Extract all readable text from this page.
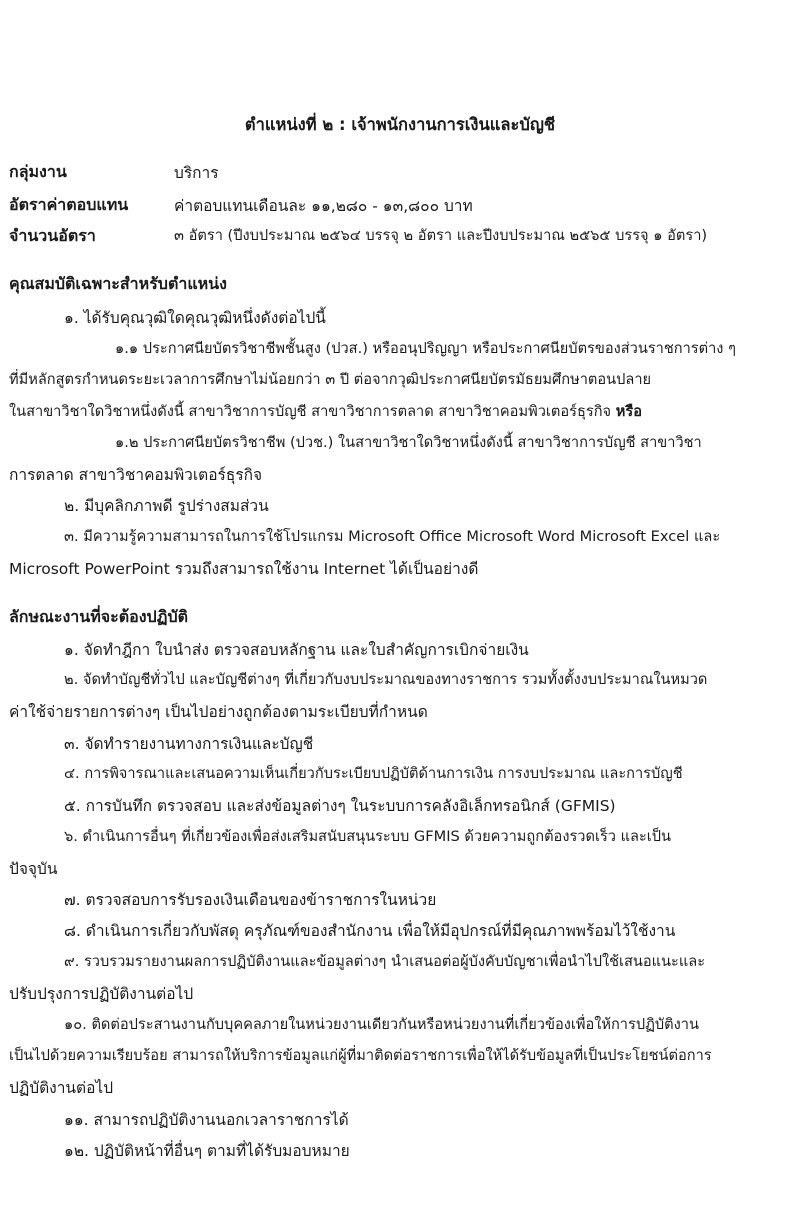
ตำแหน่งที่ ๒ : เจ้าพนักงานการเงินและบัญชี
กลุ่มงาน	บริการ
อัตราค่าตอบแทน	ค่าตอบแทนเดือนละ ๑๑,๒๘๐ - ๑๓,๘๐๐ บาท
จำนวนอัตรา	๓ อัตรา (ปีงบประมาณ ๒๕๖๔ บรรจุ ๒ อัตรา และปีงบประมาณ ๒๕๖๕ บรรจุ ๑ อัตรา)
คุณสมบัติเฉพาะสำหรับตำแหน่ง
๑. ได้รับคุณวุฒิใดคุณวุฒิหนึ่งดังต่อไปนี้
๑.๑ ประกาศนียบัตรวิชาชีพชั้นสูง (ปวส.) หรืออนุปริญญา หรือประกาศนียบัตรของส่วนราชการต่าง ๆ
ที่มีหลักสูตรกำหนดระยะเวลาการศึกษาไม่น้อยกว่า ๓ ปี ต่อจากวุฒิประกาศนียบัตรมัธยมศึกษาตอนปลาย
ในสาขาวิชาใดวิชาหนึ่งดังนี้ สาขาวิชาการบัญชี สาขาวิชาการตลาด สาขาวิชาคอมพิวเตอร์ธุรกิจ หรือ
๑.๒ ประกาศนียบัตรวิชาชีพ (ปวช.) ในสาขาวิชาใดวิชาหนึ่งดังนี้ สาขาวิชาการบัญชี สาขาวิชา
การตลาด สาขาวิชาคอมพิวเตอร์ธุรกิจ
๒. มีบุคลิกภาพดี รูปร่างสมส่วน
๓. มีความรู้ความสามารถในการใช้โปรแกรม Microsoft Office Microsoft Word Microsoft Excel และ
Microsoft PowerPoint รวมถึงสามารถใช้งาน Internet ได้เป็นอย่างดี
ลักษณะงานที่จะต้องปฏิบัติ
๑. จัดทำฎีกา ใบนำส่ง ตรวจสอบหลักฐาน และใบสำคัญการเบิกจ่ายเงิน
๒. จัดทำบัญชีทั่วไป และบัญชีต่างๆ ที่เกี่ยวกับงบประมาณของทางราชการ รวมทั้งตั้งงบประมาณในหมวด
ค่าใช้จ่ายรายการต่างๆ เป็นไปอย่างถูกต้องตามระเบียบที่กำหนด
๓. จัดทำรายงานทางการเงินและบัญชี
๔. การพิจารณาและเสนอความเห็นเกี่ยวกับระเบียบปฏิบัติด้านการเงิน การงบประมาณ และการบัญชี
๕. การบันทึก ตรวจสอบ และส่งข้อมูลต่างๆ ในระบบการคลังอิเล็กทรอนิกส์ (GFMIS)
๖. ดำเนินการอื่นๆ ที่เกี่ยวข้องเพื่อส่งเสริมสนับสนุนระบบ GFMIS ด้วยความถูกต้องรวดเร็ว และเป็น
ปัจจุบัน
๗. ตรวจสอบการรับรองเงินเดือนของข้าราชการในหน่วย
๘. ดำเนินการเกี่ยวกับพัสดุ ครุภัณฑ์ของสำนักงาน เพื่อให้มีอุปกรณ์ที่มีคุณภาพพร้อมไว้ใช้งาน
๙. รวบรวมรายงานผลการปฏิบัติงานและข้อมูลต่างๆ นำเสนอต่อผู้บังคับบัญชาเพื่อนำไปใช้เสนอแนะและ
ปรับปรุงการปฏิบัติงานต่อไป
๑๐. ติดต่อประสานงานกับบุคคลภายในหน่วยงานเดียวกันหรือหน่วยงานที่เกี่ยวข้องเพื่อให้การปฏิบัติงาน
เป็นไปด้วยความเรียบร้อย สามารถให้บริการข้อมูลแก่ผู้ที่มาติดต่อราชการเพื่อให้ได้รับข้อมูลที่เป็นประโยชน์ต่อการ
ปฏิบัติงานต่อไป
๑๑. สามารถปฏิบัติงานนอกเวลาราชการได้
๑๒. ปฏิบัติหน้าที่อื่นๆ ตามที่ได้รับมอบหมาย
